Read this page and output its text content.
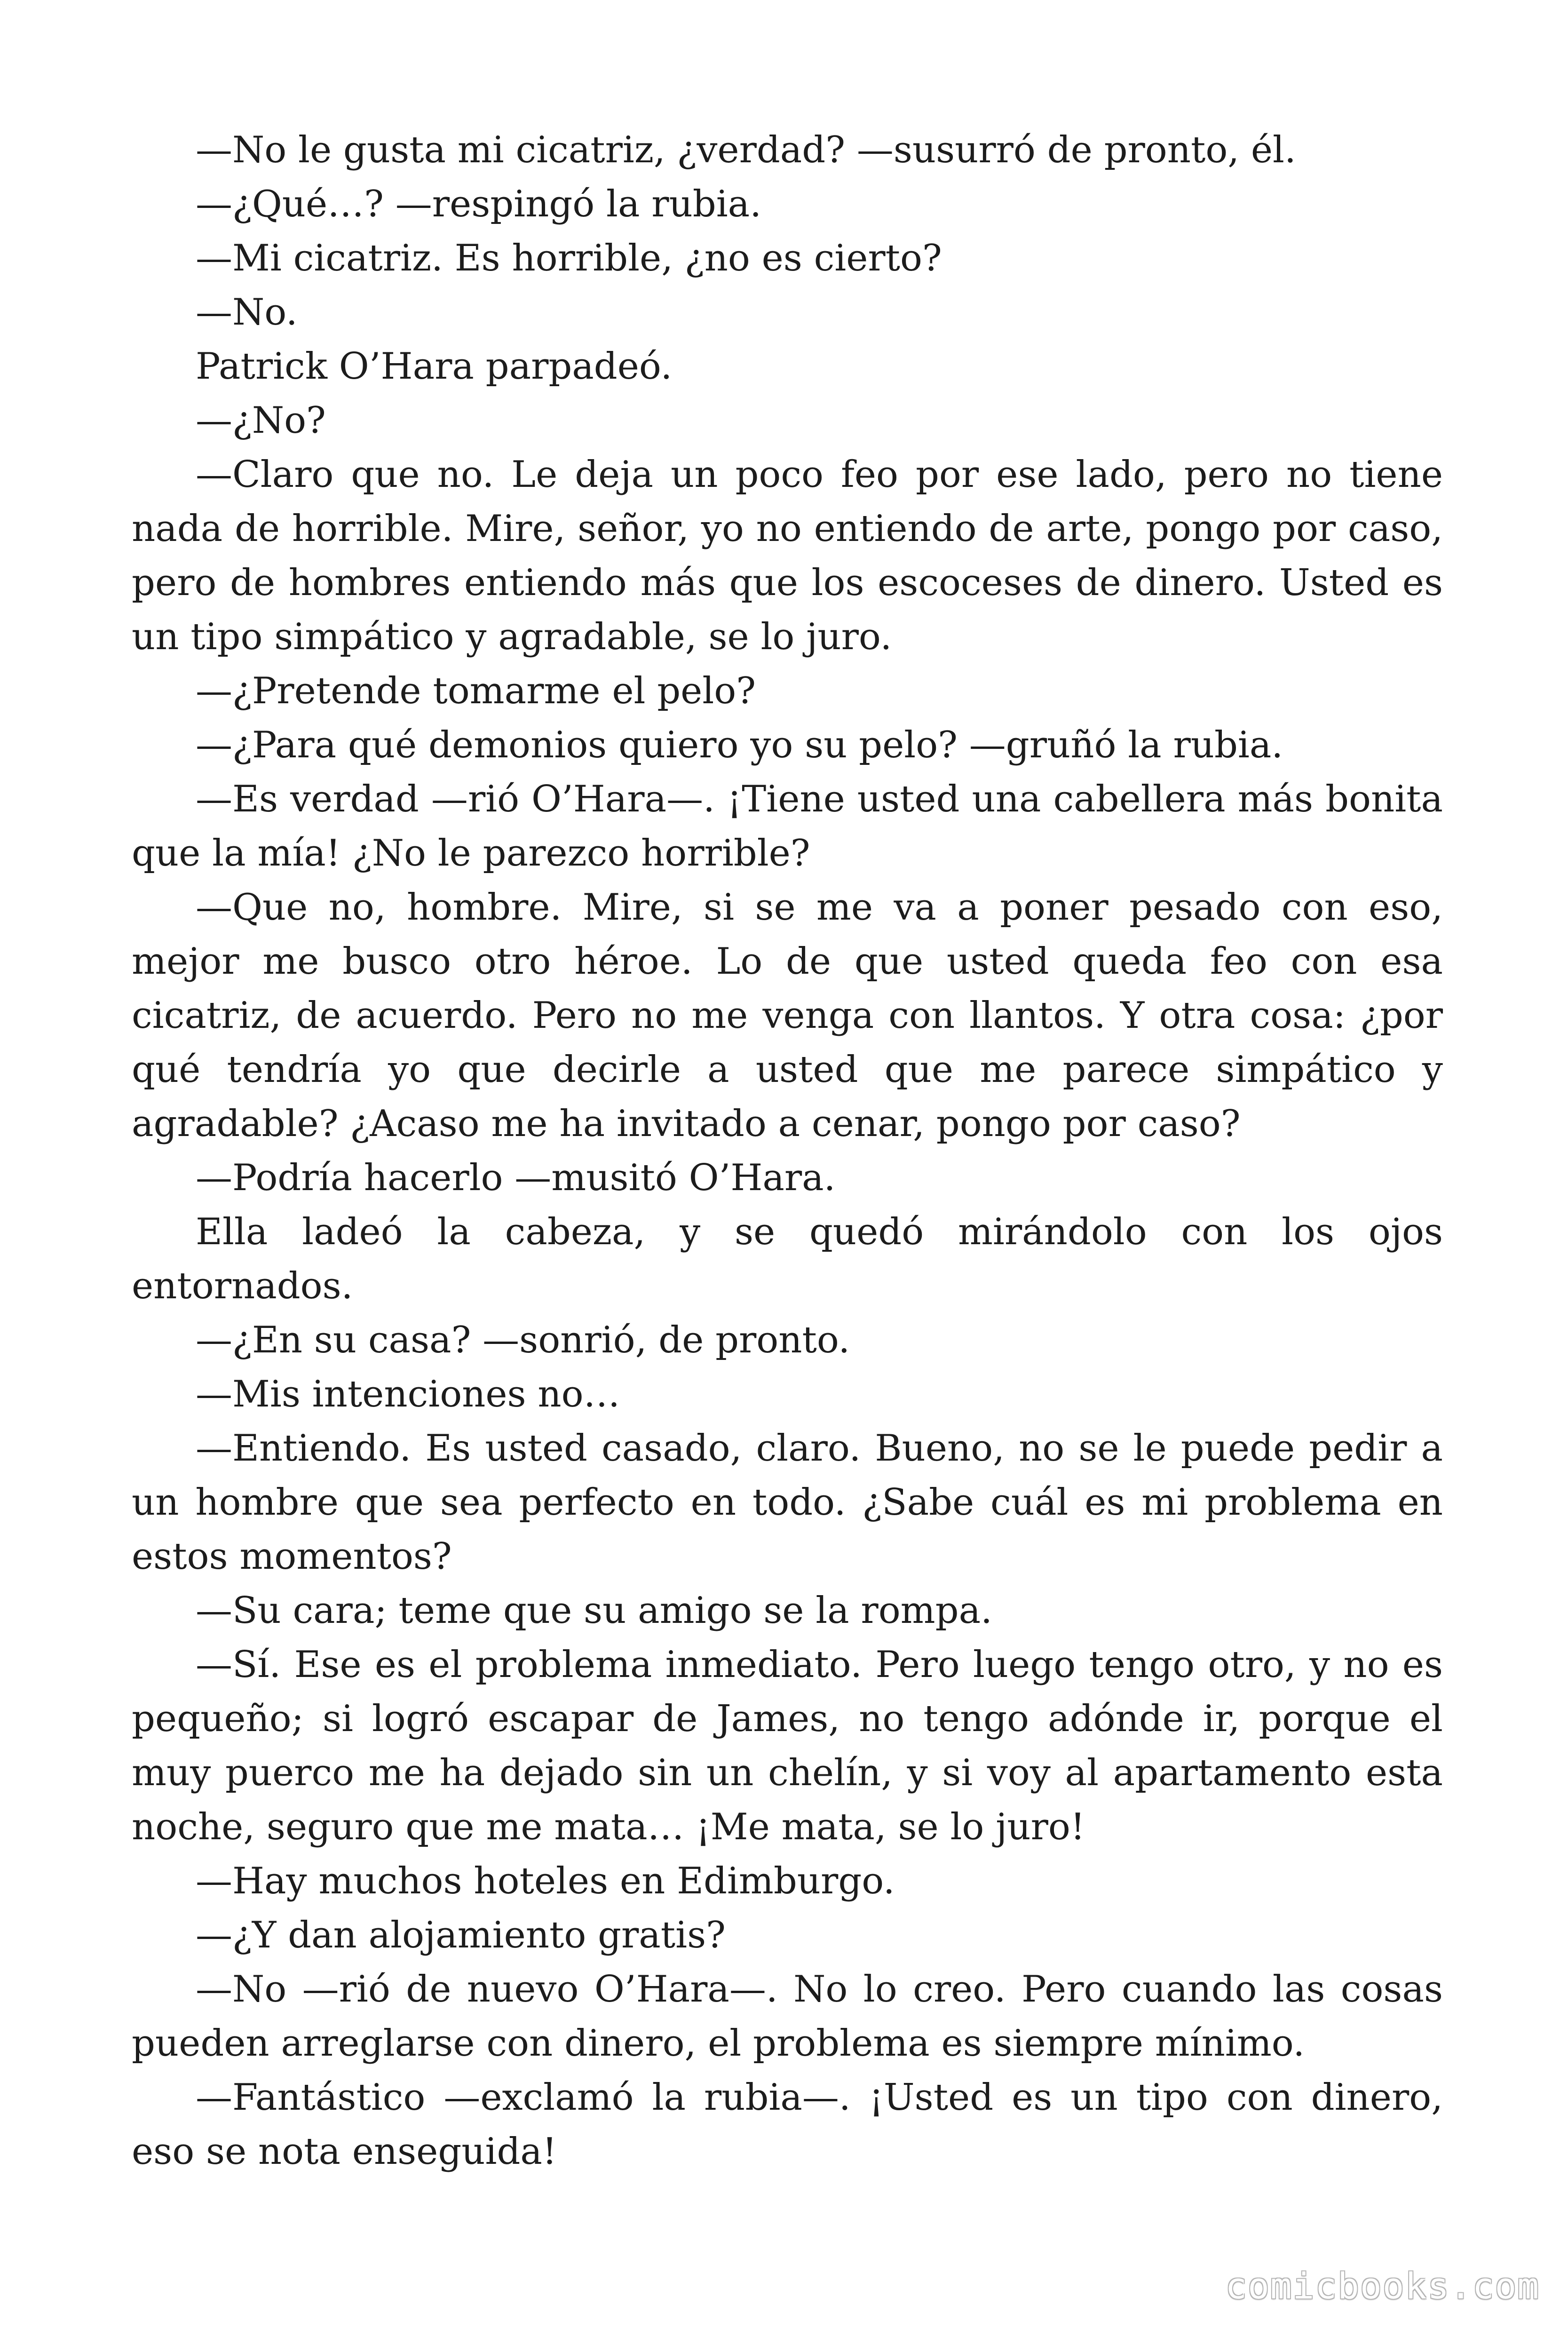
—No le gusta mi cicatriz, ¿verdad? —susurró de pronto, él.

—¿Qué…? —respingó la rubia.

—Mi cicatriz. Es horrible, ¿no es cierto?

—No.

Patrick O’Hara parpadeó.

—¿No?

—Claro que no. Le deja un poco feo por ese lado, pero no tiene nada de horrible. Mire, señor, yo no entiendo de arte, pongo por caso, pero de hombres entiendo más que los escoceses de dinero. Usted es un tipo simpático y agradable, se lo juro.

—¿Pretende tomarme el pelo?

—¿Para qué demonios quiero yo su pelo? —gruñó la rubia.

—Es verdad —rió O’Hara—. ¡Tiene usted una cabellera más bonita que la mía! ¿No le parezco horrible?

—Que no, hombre. Mire, si se me va a poner pesado con eso, mejor me busco otro héroe. Lo de que usted queda feo con esa cicatriz, de acuerdo. Pero no me venga con llantos. Y otra cosa: ¿por qué tendría yo que decirle a usted que me parece simpático y agradable? ¿Acaso me ha invitado a cenar, pongo por caso?

—Podría hacerlo —musitó O’Hara.

Ella ladeó la cabeza, y se quedó mirándolo con los ojos entornados.

—¿En su casa? —sonrió, de pronto.

—Mis intenciones no…

—Entiendo. Es usted casado, claro. Bueno, no se le puede pedir a un hombre que sea perfecto en todo. ¿Sabe cuál es mi problema en estos momentos?

—Su cara; teme que su amigo se la rompa.

—Sí. Ese es el problema inmediato. Pero luego tengo otro, y no es pequeño; si logró escapar de James, no tengo adónde ir, porque el muy puerco me ha dejado sin un chelín, y si voy al apartamento esta noche, seguro que me mata… ¡Me mata, se lo juro!

—Hay muchos hoteles en Edimburgo.

—¿Y dan alojamiento gratis?

—No —rió de nuevo O’Hara—. No lo creo. Pero cuando las cosas pueden arreglarse con dinero, el problema es siempre mínimo.

—Fantástico —exclamó la rubia—. ¡Usted es un tipo con dinero, eso se nota enseguida!

comicbooks.com
